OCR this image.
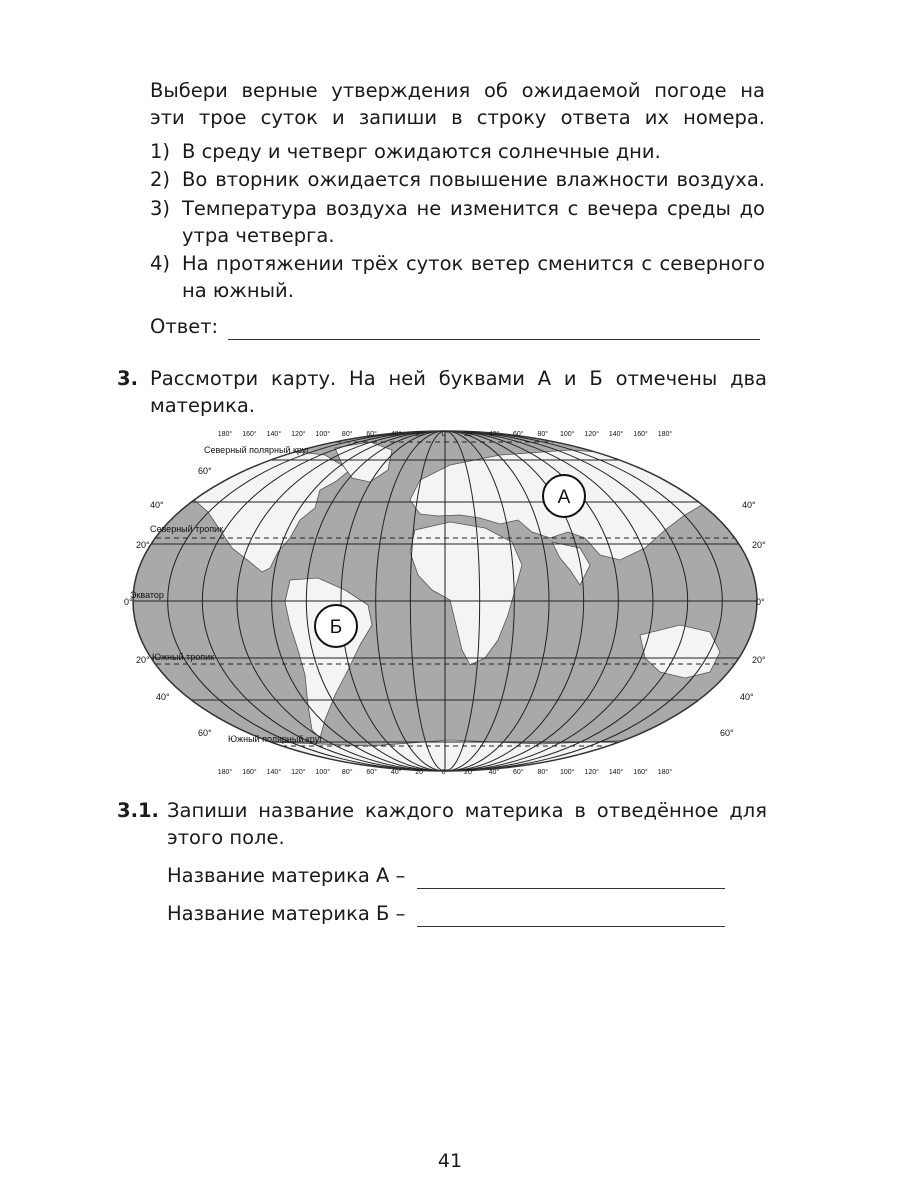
Выбери верные утверждения об ожидаемой погоде на
эти трое суток и запиши в строку ответа их номера.
1) В среду и четверг ожидаются солнечные дни.
2) Во вторник ожидается повышение влажности воздуха.
3) Температура воздуха не изменится с вечера среды до
утра четверга.
4) На протяжении трёх суток ветер сменится с северного
на южный.
Ответ:
3. Рассмотри карту. На ней буквами А и Б отмечены два
материка.
Северный полярный круг
Северный тропик
Экватор
Южный тропик
Южный полярный круг
60°
40°
20°
0°
20°
40°
60°
40°
20°
0°
20°
40°
60°
180° 160° 140° 120° 100° 80° 60° 40° 20° 0° 20° 40° 60° 80° 100° 120° 140° 160° 180°
180° 160° 140° 120° 100° 80° 60° 40° 20° 0° 20° 40° 60° 80° 100° 120° 140° 160° 180°
А
Б
3.1. Запиши название каждого материка в отведённое для
этого поле.
Название материка А –
Название материка Б –
41
